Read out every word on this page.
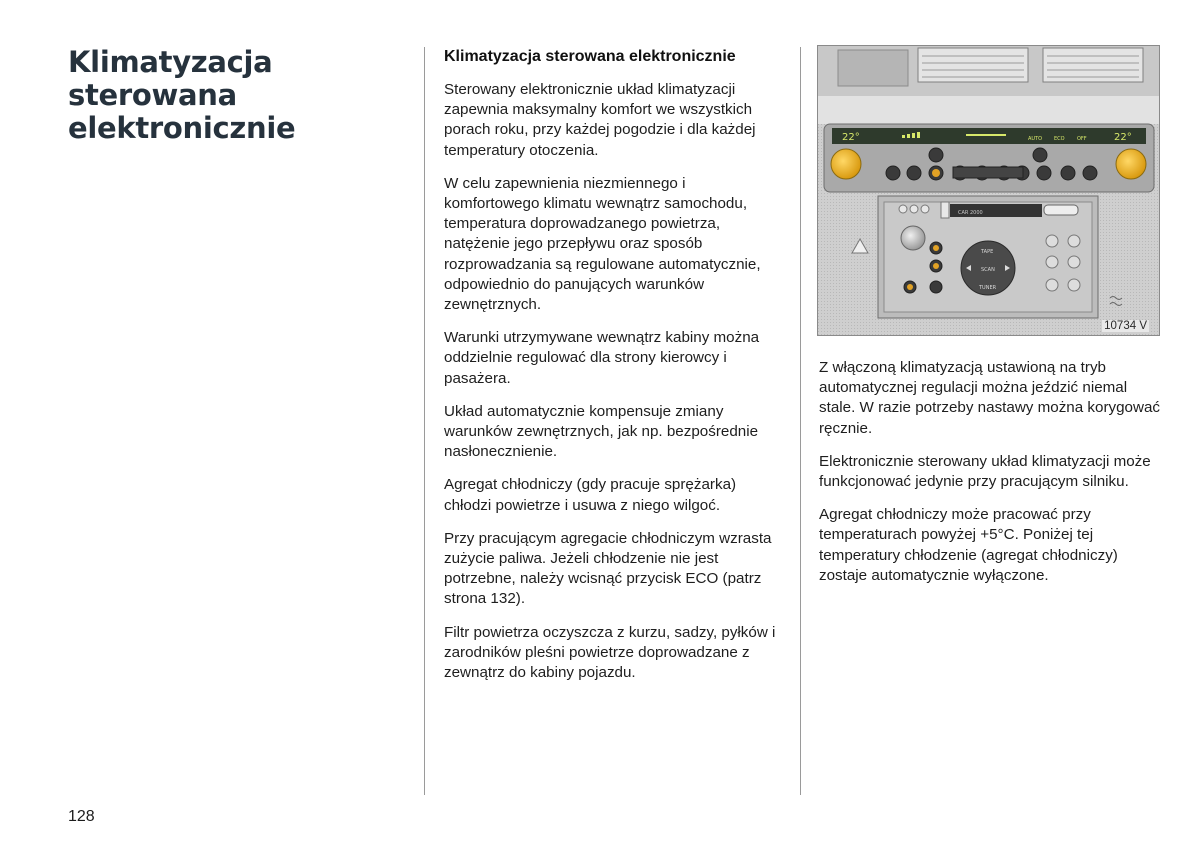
Klimatyzacja
sterowana
elektronicznie
128
Klimatyzacja sterowana elektronicznie

Sterowany elektronicznie układ klimatyzacji zapewnia maksymalny komfort we wszystkich porach roku, przy każdej pogodzie i dla każdej temperatury otoczenia.

W celu zapewnienia niezmiennego i komfortowego klimatu wewnątrz samochodu, temperatura doprowadzanego powietrza, natężenie jego przepływu oraz sposób rozprowadzania są regulowane automatycznie, odpowiednio do panujących warunków zewnętrznych.

Warunki utrzymywane wewnątrz kabiny można oddzielnie regulować dla strony kierowcy i pasażera.

Układ automatycznie kompensuje zmiany warunków zewnętrznych, jak np. bezpośrednie nasłonecznienie.

Agregat chłodniczy (gdy pracuje sprężarka) chłodzi powietrze i usuwa z niego wilgoć.

Przy pracującym agregacie chłodniczym wzrasta zużycie paliwa. Jeżeli chłodzenie nie jest potrzebne, należy wcisnąć przycisk ECO (patrz strona 132).

Filtr powietrza oczyszcza z kurzu, sadzy, pyłków i zarodników pleśni powietrze doprowadzane z zewnątrz do kabiny pojazdu.

22°	22°
AUTO ECO OFF
CAR 2000
TAPE
SCAN
TUNER
10734 V

Z włączoną klimatyzacją ustawioną na tryb automatycznej regulacji można jeździć niemal stale. W razie potrzeby nastawy można korygować ręcznie.

Elektronicznie sterowany układ klimatyzacji może funkcjonować jedynie przy pracującym silniku.

Agregat chłodniczy może pracować przy temperaturach powyżej +5°C. Poniżej tej temperatury chłodzenie (agregat chłodniczy) zostaje automatycznie wyłączone.
